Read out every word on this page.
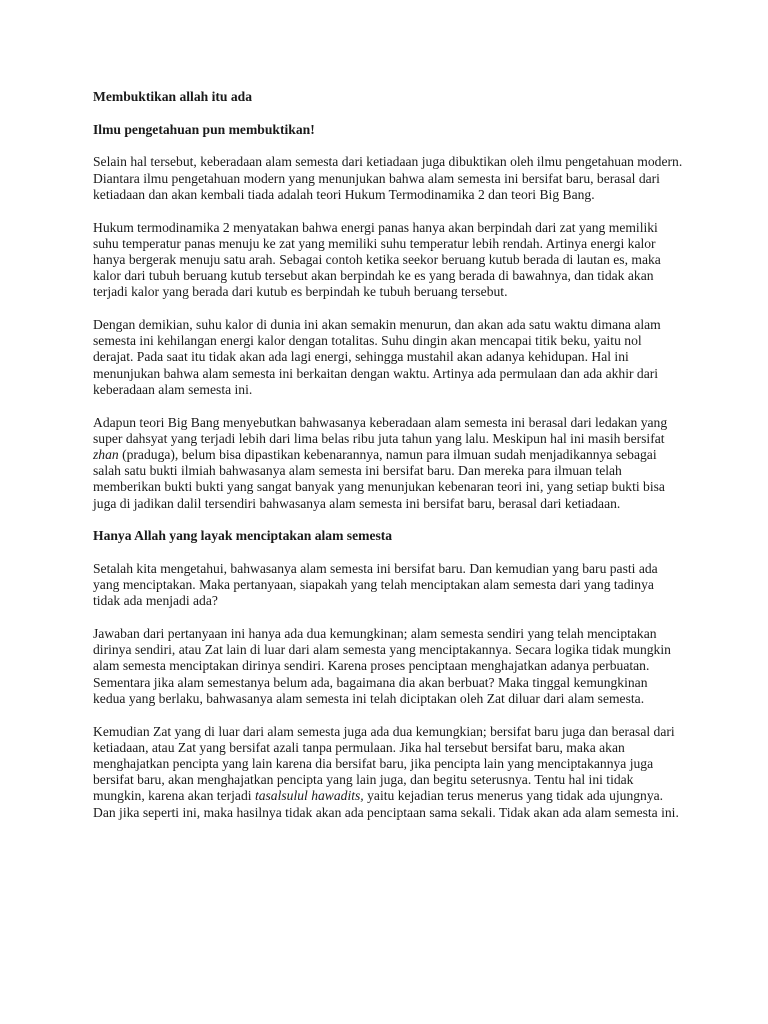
Membuktikan allah itu ada

Ilmu pengetahuan pun membuktikan!

Selain hal tersebut, keberadaan alam semesta dari ketiadaan juga dibuktikan oleh ilmu pengetahuan modern. Diantara ilmu pengetahuan modern yang menunjukan bahwa alam semesta ini bersifat baru, berasal dari ketiadaan dan akan kembali tiada adalah teori Hukum Termodinamika 2 dan teori Big Bang.

Hukum termodinamika 2 menyatakan bahwa energi panas hanya akan berpindah dari zat yang memiliki suhu temperatur panas menuju ke zat yang memiliki suhu temperatur lebih rendah. Artinya energi kalor hanya bergerak menuju satu arah. Sebagai contoh ketika seekor beruang kutub berada di lautan es, maka kalor dari tubuh beruang kutub tersebut akan berpindah ke es yang berada di bawahnya, dan tidak akan terjadi kalor yang berada dari kutub es berpindah ke tubuh beruang tersebut.

Dengan demikian, suhu kalor di dunia ini akan semakin menurun, dan akan ada satu waktu dimana alam semesta ini kehilangan energi kalor dengan totalitas. Suhu dingin akan mencapai titik beku, yaitu nol derajat. Pada saat itu tidak akan ada lagi energi, sehingga mustahil akan adanya kehidupan. Hal ini menunjukan bahwa alam semesta ini berkaitan dengan waktu. Artinya ada permulaan dan ada akhir dari keberadaan alam semesta ini.

Adapun teori Big Bang menyebutkan bahwasanya keberadaan alam semesta ini berasal dari ledakan yang super dahsyat yang terjadi lebih dari lima belas ribu juta tahun yang lalu. Meskipun hal ini masih bersifat zhan (praduga), belum bisa dipastikan kebenarannya, namun para ilmuan sudah menjadikannya sebagai salah satu bukti ilmiah bahwasanya alam semesta ini bersifat baru. Dan mereka para ilmuan telah memberikan bukti bukti yang sangat banyak yang menunjukan kebenaran teori ini, yang setiap bukti bisa juga di jadikan dalil tersendiri bahwasanya alam semesta ini bersifat baru, berasal dari ketiadaan.

Hanya Allah yang layak menciptakan alam semesta

Setalah kita mengetahui, bahwasanya alam semesta ini bersifat baru. Dan kemudian yang baru pasti ada yang menciptakan. Maka pertanyaan, siapakah yang telah menciptakan alam semesta dari yang tadinya tidak ada menjadi ada?

Jawaban dari pertanyaan ini hanya ada dua kemungkinan; alam semesta sendiri yang telah menciptakan dirinya sendiri, atau Zat lain di luar dari alam semesta yang menciptakannya. Secara logika tidak mungkin alam semesta menciptakan dirinya sendiri. Karena proses penciptaan menghajatkan adanya perbuatan. Sementara jika alam semestanya belum ada, bagaimana dia akan berbuat? Maka tinggal kemungkinan kedua yang berlaku, bahwasanya alam semesta ini telah diciptakan oleh Zat diluar dari alam semesta.

Kemudian Zat yang di luar dari alam semesta juga ada dua kemungkian; bersifat baru juga dan berasal dari ketiadaan, atau Zat yang bersifat azali tanpa permulaan. Jika hal tersebut bersifat baru, maka akan menghajatkan pencipta yang lain karena dia bersifat baru, jika pencipta lain yang menciptakannya juga bersifat baru, akan menghajatkan pencipta yang lain juga, dan begitu seterusnya. Tentu hal ini tidak mungkin, karena akan terjadi tasalsulul hawadits, yaitu kejadian terus menerus yang tidak ada ujungnya. Dan jika seperti ini, maka hasilnya tidak akan ada penciptaan sama sekali. Tidak akan ada alam semesta ini.
